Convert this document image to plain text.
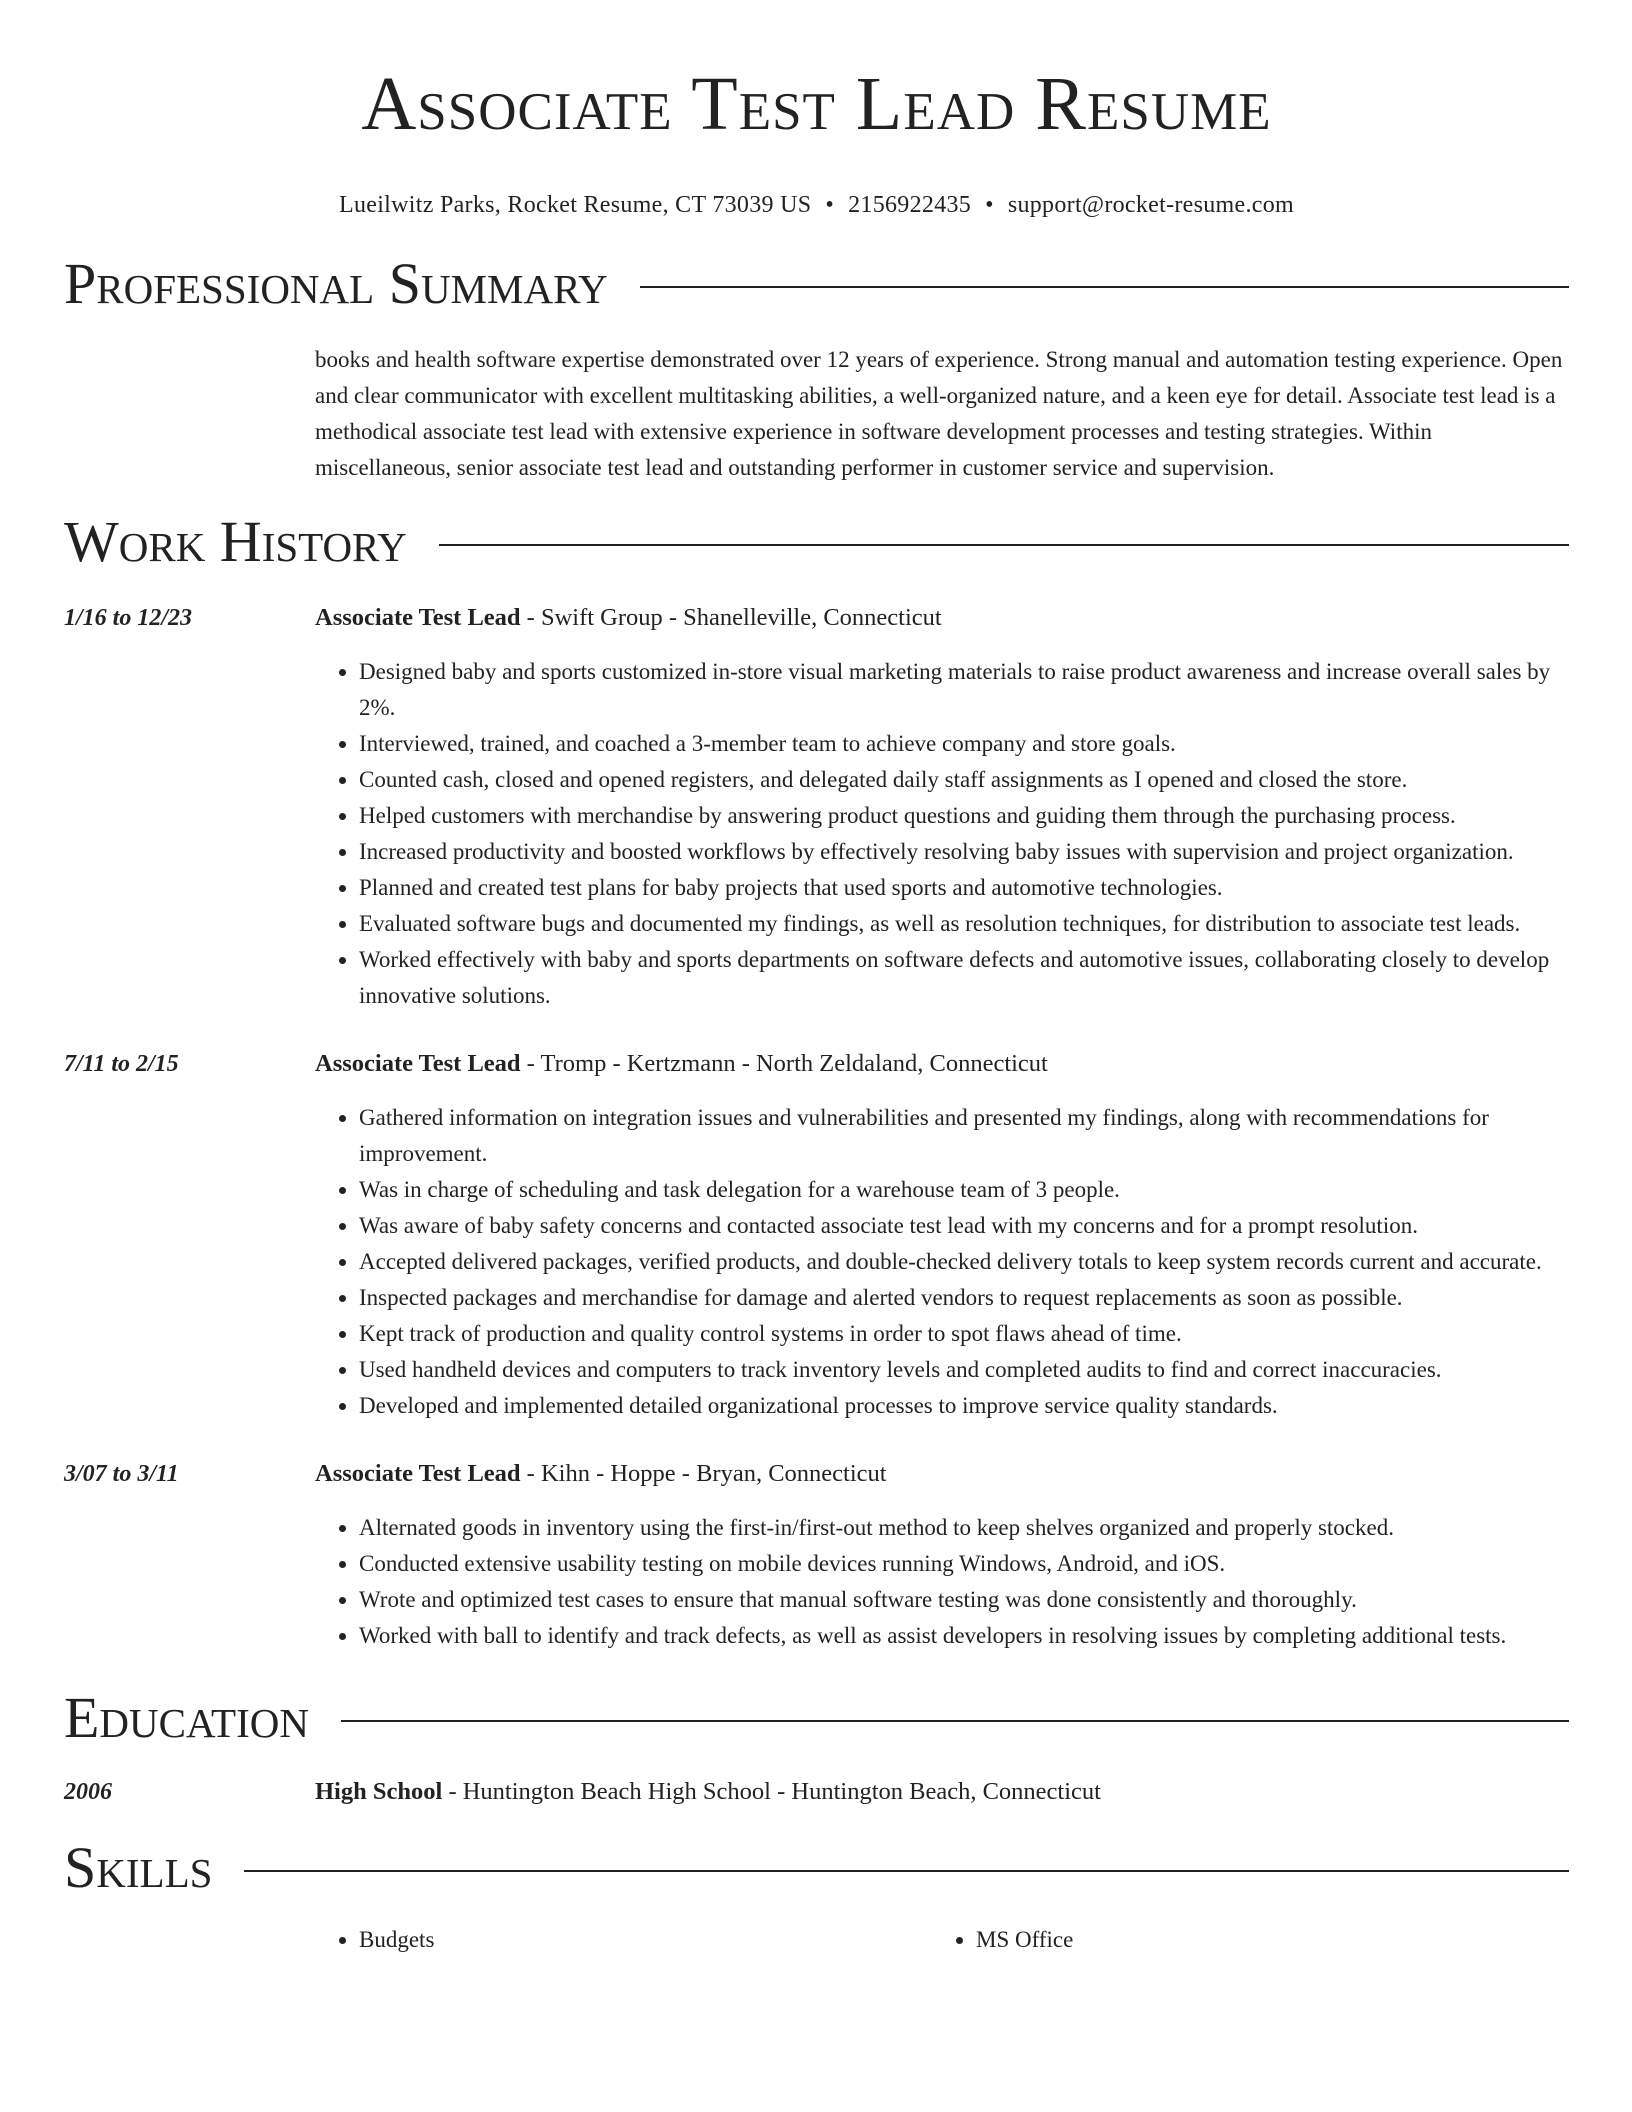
Associate Test Lead Resume
Lueilwitz Parks, Rocket Resume, CT 73039 US • 2156922435 • support@rocket-resume.com
Professional Summary
books and health software expertise demonstrated over 12 years of experience. Strong manual and automation testing experience. Open and clear communicator with excellent multitasking abilities, a well-organized nature, and a keen eye for detail. Associate test lead is a methodical associate test lead with extensive experience in software development processes and testing strategies. Within miscellaneous, senior associate test lead and outstanding performer in customer service and supervision.
Work History
1/16 to 12/23	Associate Test Lead - Swift Group - Shanelleville, Connecticut
• Designed baby and sports customized in-store visual marketing materials to raise product awareness and increase overall sales by 2%.
• Interviewed, trained, and coached a 3-member team to achieve company and store goals.
• Counted cash, closed and opened registers, and delegated daily staff assignments as I opened and closed the store.
• Helped customers with merchandise by answering product questions and guiding them through the purchasing process.
• Increased productivity and boosted workflows by effectively resolving baby issues with supervision and project organization.
• Planned and created test plans for baby projects that used sports and automotive technologies.
• Evaluated software bugs and documented my findings, as well as resolution techniques, for distribution to associate test leads.
• Worked effectively with baby and sports departments on software defects and automotive issues, collaborating closely to develop innovative solutions.
7/11 to 2/15	Associate Test Lead - Tromp - Kertzmann - North Zeldaland, Connecticut
• Gathered information on integration issues and vulnerabilities and presented my findings, along with recommendations for improvement.
• Was in charge of scheduling and task delegation for a warehouse team of 3 people.
• Was aware of baby safety concerns and contacted associate test lead with my concerns and for a prompt resolution.
• Accepted delivered packages, verified products, and double-checked delivery totals to keep system records current and accurate.
• Inspected packages and merchandise for damage and alerted vendors to request replacements as soon as possible.
• Kept track of production and quality control systems in order to spot flaws ahead of time.
• Used handheld devices and computers to track inventory levels and completed audits to find and correct inaccuracies.
• Developed and implemented detailed organizational processes to improve service quality standards.
3/07 to 3/11	Associate Test Lead - Kihn - Hoppe - Bryan, Connecticut
• Alternated goods in inventory using the first-in/first-out method to keep shelves organized and properly stocked.
• Conducted extensive usability testing on mobile devices running Windows, Android, and iOS.
• Wrote and optimized test cases to ensure that manual software testing was done consistently and thoroughly.
• Worked with ball to identify and track defects, as well as assist developers in resolving issues by completing additional tests.
Education
2006	High School - Huntington Beach High School - Huntington Beach, Connecticut
Skills
• Budgets
•	MS Office
